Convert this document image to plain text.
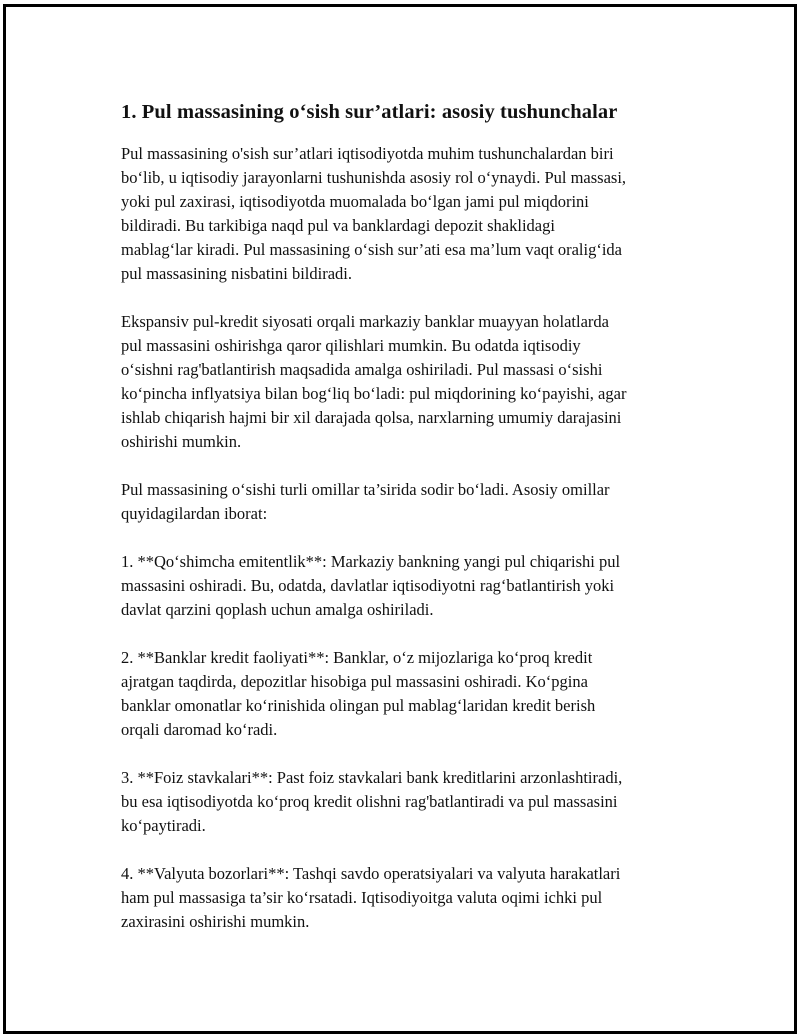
1. Pul massasining o‘sish sur’atlari: asosiy tushunchalar

Pul massasining o'sish sur’atlari iqtisodiyotda muhim tushunchalardan biri
bo‘lib, u iqtisodiy jarayonlarni tushunishda asosiy rol o‘ynaydi. Pul massasi,
yoki pul zaxirasi, iqtisodiyotda muomalada bo‘lgan jami pul miqdorini
bildiradi. Bu tarkibiga naqd pul va banklardagi depozit shaklidagi
mablag‘lar kiradi. Pul massasining o‘sish sur’ati esa ma’lum vaqt oralig‘ida
pul massasining nisbatini bildiradi.

Ekspansiv pul-kredit siyosati orqali markaziy banklar muayyan holatlarda
pul massasini oshirishga qaror qilishlari mumkin. Bu odatda iqtisodiy
o‘sishni rag'batlantirish maqsadida amalga oshiriladi. Pul massasi o‘sishi
ko‘pincha inflyatsiya bilan bog‘liq bo‘ladi: pul miqdorining ko‘payishi, agar
ishlab chiqarish hajmi bir xil darajada qolsa, narxlarning umumiy darajasini
oshirishi mumkin.

Pul massasining o‘sishi turli omillar ta’sirida sodir bo‘ladi. Asosiy omillar
quyidagilardan iborat:

1. **Qo‘shimcha emitentlik**: Markaziy bankning yangi pul chiqarishi pul
massasini oshiradi. Bu, odatda, davlatlar iqtisodiyotni rag‘batlantirish yoki
davlat qarzini qoplash uchun amalga oshiriladi.

2. **Banklar kredit faoliyati**: Banklar, o‘z mijozlariga ko‘proq kredit
ajratgan taqdirda, depozitlar hisobiga pul massasini oshiradi. Ko‘pgina
banklar omonatlar ko‘rinishida olingan pul mablag‘laridan kredit berish
orqali daromad ko‘radi.

3. **Foiz stavkalari**: Past foiz stavkalari bank kreditlarini arzonlashtiradi,
bu esa iqtisodiyotda ko‘proq kredit olishni rag'batlantiradi va pul massasini
ko‘paytiradi.

4. **Valyuta bozorlari**: Tashqi savdo operatsiyalari va valyuta harakatlari
ham pul massasiga ta’sir ko‘rsatadi. Iqtisodiyoitga valuta oqimi ichki pul
zaxirasini oshirishi mumkin.
